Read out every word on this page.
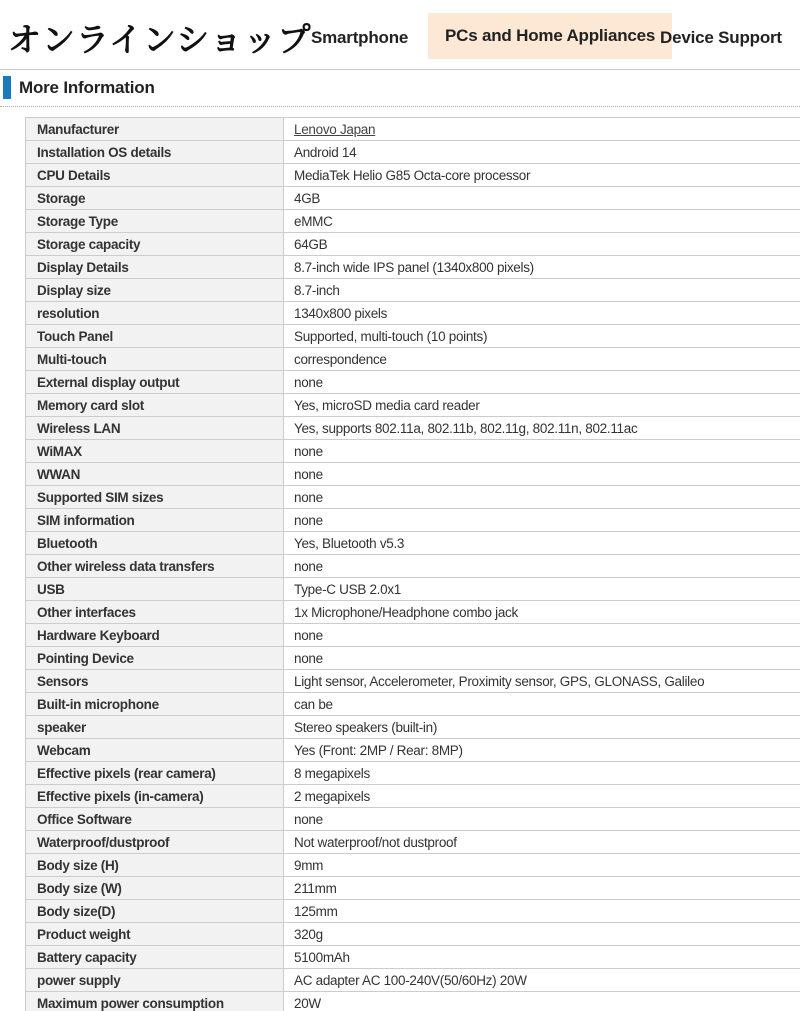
オンラインショップ Smartphone	PCs and Home Appliances Device Support
More Information
Manufacturer	Lenovo Japan
Installation OS details	Android 14
CPU Details	MediaTek Helio G85 Octa-core processor
Storage	4GB
Storage Type	eMMC
Storage capacity	64GB
Display Details	8.7-inch wide IPS panel (1340x800 pixels)
Display size	8.7-inch
resolution	1340x800 pixels
Touch Panel	Supported, multi-touch (10 points)
Multi-touch	correspondence
External display output	none
Memory card slot	Yes, microSD media card reader
Wireless LAN	Yes, supports 802.11a, 802.11b, 802.11g, 802.11n, 802.11ac
WiMAX	none
WWAN	none
Supported SIM sizes	none
SIM information	none
Bluetooth	Yes, Bluetooth v5.3
Other wireless data transfers	none
USB	Type-C USB 2.0x1
Other interfaces	1x Microphone/Headphone combo jack
Hardware Keyboard	none
Pointing Device	none
Sensors	Light sensor, Accelerometer, Proximity sensor, GPS, GLONASS, Galileo
Built-in microphone	can be
speaker	Stereo speakers (built-in)
Webcam	Yes (Front: 2MP / Rear: 8MP)
Effective pixels (rear camera)	8 megapixels
Effective pixels (in-camera)	2 megapixels
Office Software	none
Waterproof/dustproof	Not waterproof/not dustproof
Body size (H)	9mm
Body size (W)	211mm
Body size(D)	125mm
Product weight	320g
Battery capacity	5100mAh
power supply	AC adapter AC 100-240V(50/60Hz) 20W
Maximum power consumption	20W
